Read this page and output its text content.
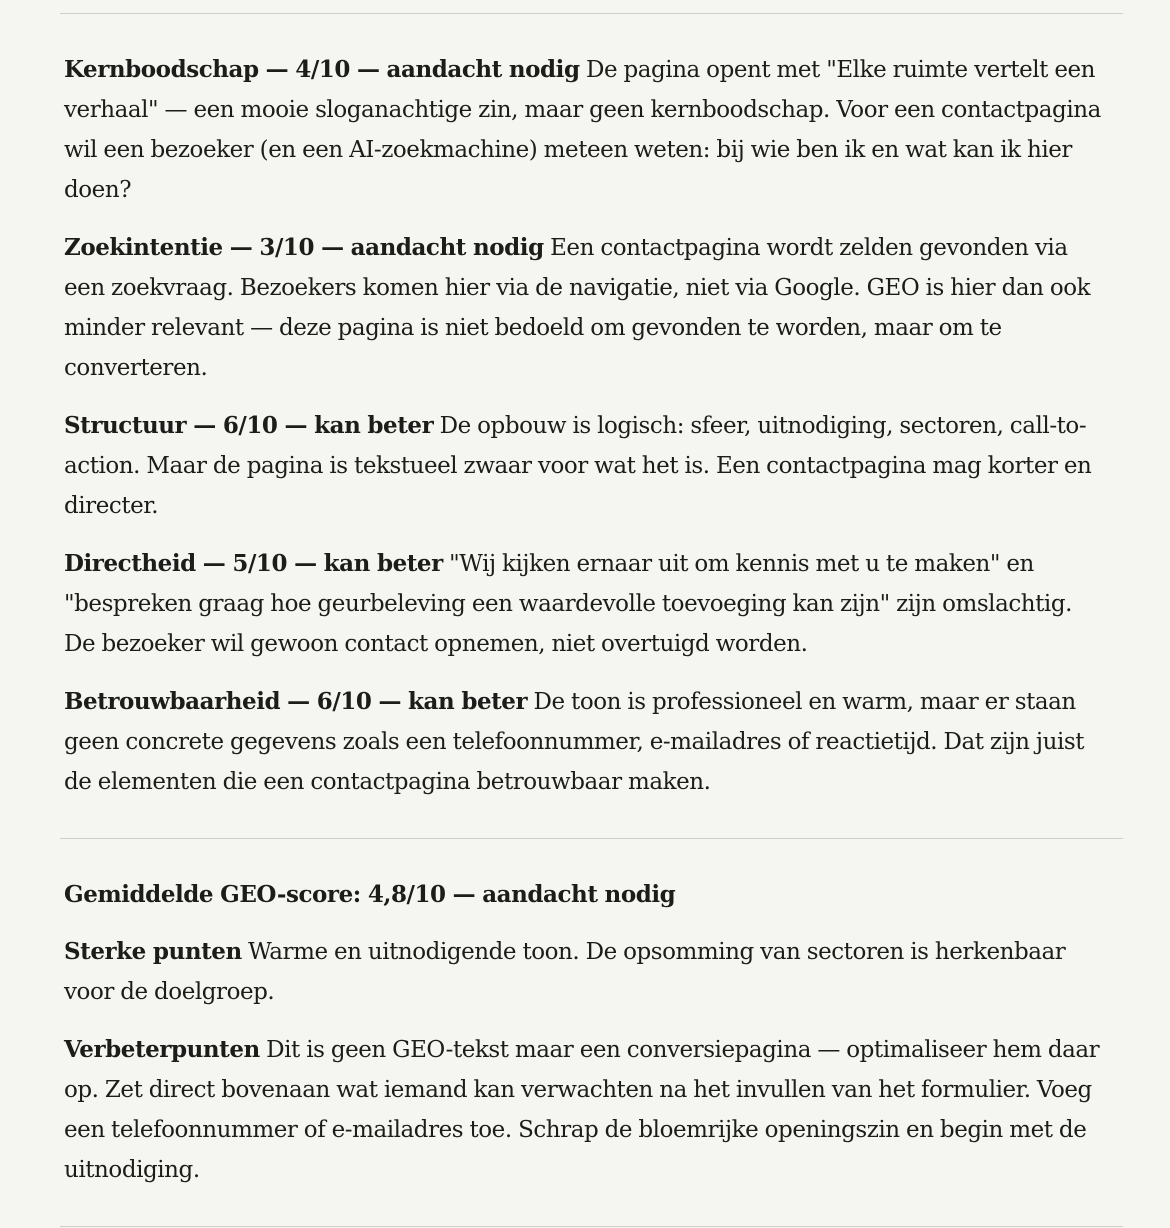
Kernboodschap — 4/10 — aandacht nodig De pagina opent met "Elke ruimte vertelt een verhaal" — een mooie sloganachtige zin, maar geen kernboodschap. Voor een contactpagina wil een bezoeker (en een AI-zoekmachine) meteen weten: bij wie ben ik en wat kan ik hier doen?

Zoekintentie — 3/10 — aandacht nodig Een contactpagina wordt zelden gevonden via een zoekvraag. Bezoekers komen hier via de navigatie, niet via Google. GEO is hier dan ook minder relevant — deze pagina is niet bedoeld om gevonden te worden, maar om te converteren.

Structuur — 6/10 — kan beter De opbouw is logisch: sfeer, uitnodiging, sectoren, call-to-action. Maar de pagina is tekstueel zwaar voor wat het is. Een contactpagina mag korter en directer.

Directheid — 5/10 — kan beter "Wij kijken ernaar uit om kennis met u te maken" en "bespreken graag hoe geurbeleving een waardevolle toevoeging kan zijn" zijn omslachtig. De bezoeker wil gewoon contact opnemen, niet overtuigd worden.

Betrouwbaarheid — 6/10 — kan beter De toon is professioneel en warm, maar er staan geen concrete gegevens zoals een telefoonnummer, e-mailadres of reactietijd. Dat zijn juist de elementen die een contactpagina betrouwbaar maken.

Gemiddelde GEO-score: 4,8/10 — aandacht nodig

Sterke punten Warme en uitnodigende toon. De opsomming van sectoren is herkenbaar voor de doelgroep.

Verbeterpunten Dit is geen GEO-tekst maar een conversiepagina — optimaliseer hem daar op. Zet direct bovenaan wat iemand kan verwachten na het invullen van het formulier. Voeg een telefoonnummer of e-mailadres toe. Schrap de bloemrijke openingszin en begin met de uitnodiging.
